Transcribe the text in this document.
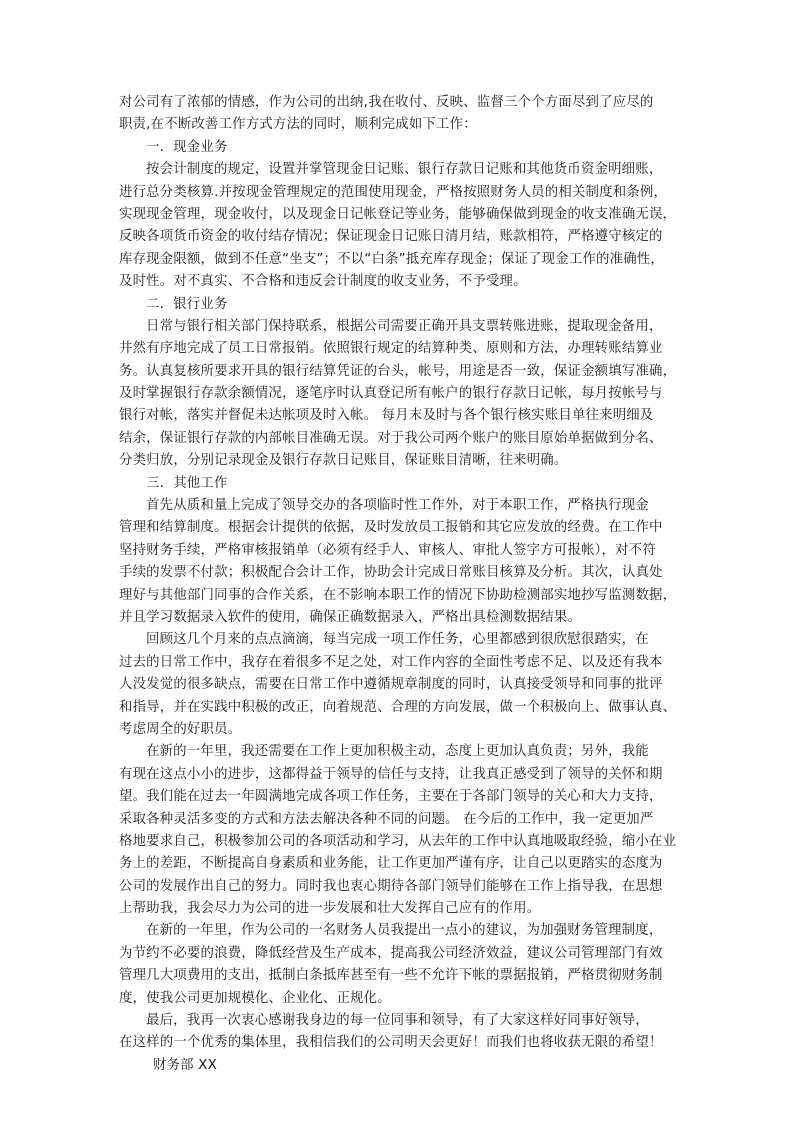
对公司有了浓郁的情感，作为公司的出纳,我在收付、反映、监督三个个方面尽到了应尽的
职责,在不断改善工作方式方法的同时，顺利完成如下工作：
一．现金业务
按会计制度的规定，设置并掌管现金日记账、银行存款日记账和其他货币资金明细账，
进行总分类核算.并按现金管理规定的范围使用现金，严格按照财务人员的相关制度和条例，
实现现金管理，现金收付，以及现金日记帐登记等业务，能够确保做到现金的收支准确无误，
反映各项货币资金的收付结存情况；保证现金日记账日清月结，账款相符，严格遵守核定的
库存现金限额，做到不任意“坐支”；不以“白条”抵充库存现金；保证了现金工作的准确性，
及时性。对不真实、不合格和违反会计制度的收支业务，不予受理。
二．银行业务
日常与银行相关部门保持联系，根据公司需要正确开具支票转账进账，提取现金备用，
井然有序地完成了员工日常报销。依照银行规定的结算种类、原则和方法，办理转账结算业
务。认真复核所要求开具的银行结算凭证的台头，帐号，用途是否一致，保证金额填写准确，
及时掌握银行存款余额情况，逐笔序时认真登记所有帐户的银行存款日记帐，每月按帐号与
银行对帐，落实并督促未达帐项及时入帐。 每月末及时与各个银行核实账目单往来明细及
结余，保证银行存款的内部帐目准确无误。对于我公司两个账户的账目原始单据做到分名、
分类归放，分别记录现金及银行存款日记账目，保证账目清晰，往来明确。
三．其他工作
首先从质和量上完成了领导交办的各项临时性工作外，对于本职工作，严格执行现金
管理和结算制度。根据会计提供的依据，及时发放员工报销和其它应发放的经费。在工作中
坚持财务手续，严格审核报销单（必须有经手人、审核人、审批人签字方可报帐），对不符
手续的发票不付款；积极配合会计工作，协助会计完成日常账目核算及分析。其次，认真处
理好与其他部门同事的合作关系，在不影响本职工作的情况下协助检测部实地抄写监测数据，
并且学习数据录入软件的使用，确保正确数据录入，严格出具检测数据结果。
回顾这几个月来的点点滴滴，每当完成一项工作任务，心里都感到很欣慰很踏实，在
过去的日常工作中，我存在着很多不足之处，对工作内容的全面性考虑不足、以及还有我本
人没发觉的很多缺点，需要在日常工作中遵循规章制度的同时，认真接受领导和同事的批评
和指导，并在实践中积极的改正，向着规范、合理的方向发展，做一个积极向上、做事认真、
考虑周全的好职员。
在新的一年里，我还需要在工作上更加积极主动，态度上更加认真负责；另外，我能
有现在这点小小的进步，这都得益于领导的信任与支持，让我真正感受到了领导的关怀和期
望。我们能在过去一年圆满地完成各项工作任务，主要在于各部门领导的关心和大力支持，
采取各种灵活多变的方式和方法去解决各种不同的问题。 在今后的工作中，我一定更加严
格地要求自己，积极参加公司的各项活动和学习，从去年的工作中认真地吸取经验，缩小在业
务上的差距，不断提高自身素质和业务能，让工作更加严谨有序，让自己以更踏实的态度为
公司的发展作出自己的努力。同时我也衷心期待各部门领导们能够在工作上指导我，在思想
上帮助我，我会尽力为公司的进一步发展和壮大发挥自己应有的作用。
在新的一年里，作为公司的一名财务人员我提出一点小的建议，为加强财务管理制度，
为节约不必要的浪费，降低经营及生产成本，提高我公司经济效益，建议公司管理部门有效
管理几大项费用的支出，抵制白条抵库甚至有一些不允许下帐的票据报销，严格贯彻财务制
度，使我公司更加规模化、企业化、正规化。
最后，我再一次衷心感谢我身边的每一位同事和领导，有了大家这样好同事好领导，
在这样的一个优秀的集体里，我相信我们的公司明天会更好！而我们也将收获无限的希望！
财务部 XX
